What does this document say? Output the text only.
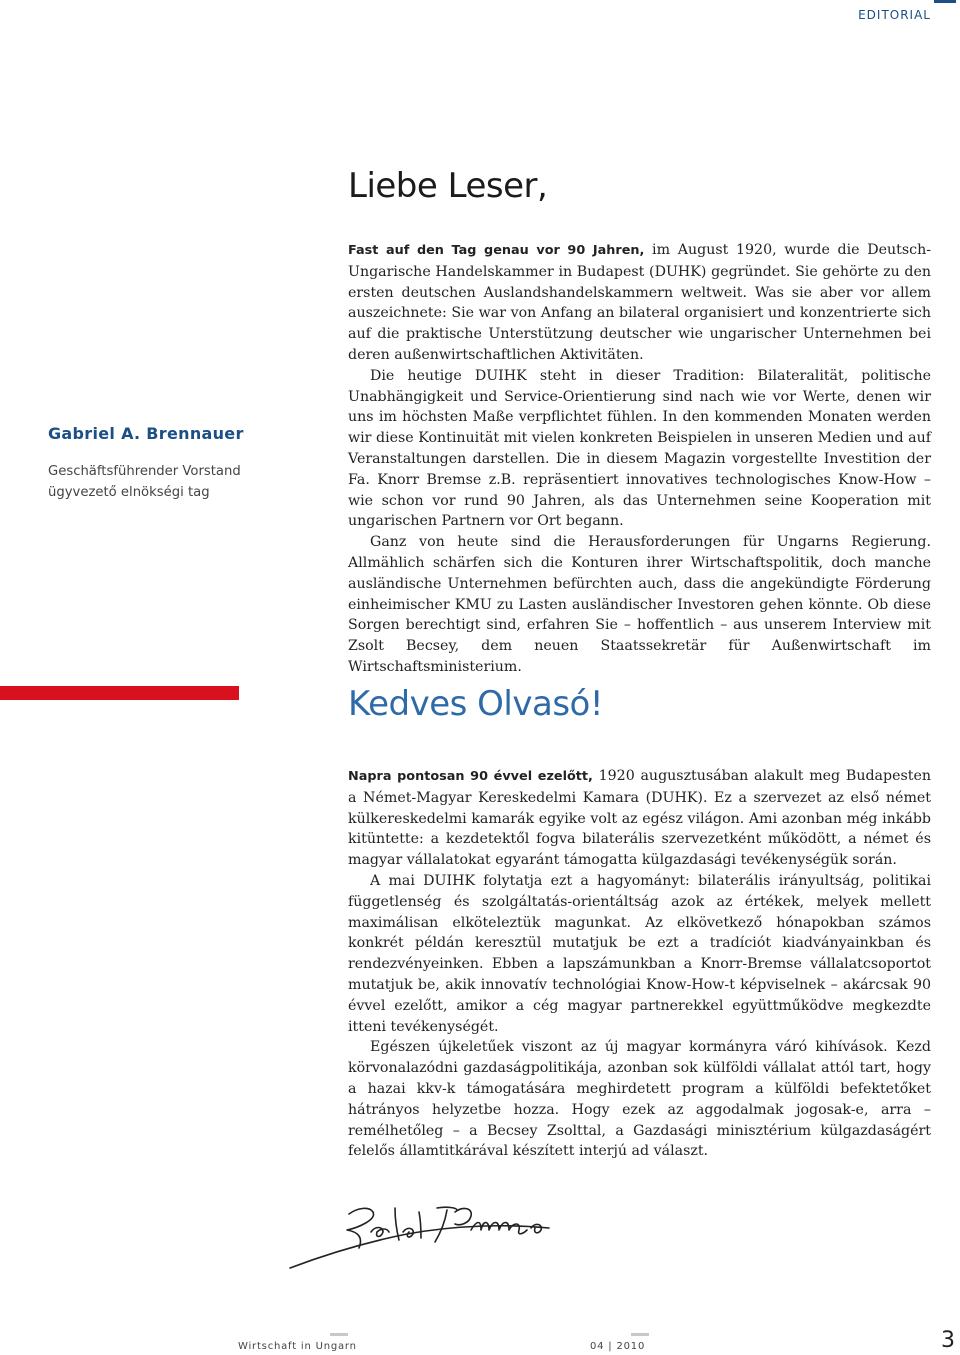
EDITORIAL
Liebe Leser,
Gabriel A. Brennauer
Geschäftsführender Vorstand
ügyvezető elnökségi tag

Fast auf den Tag genau vor 90 Jahren, im August 1920, wurde die Deutsch-Ungarische Handelskammer in Budapest (DUHK) gegründet. Sie gehörte zu den ersten deutschen Auslandshandelskammern weltweit. Was sie aber vor allem auszeichnete: Sie war von Anfang an bilateral organisiert und konzentrierte sich auf die praktische Unterstützung deutscher wie ungarischer Unternehmen bei deren außenwirtschaftlichen Aktivitäten.

Die heutige DUIHK steht in dieser Tradition: Bilateralität, politische Unabhängigkeit und Service-Orientierung sind nach wie vor Werte, denen wir uns im höchsten Maße verpflichtet fühlen. In den kommenden Monaten werden wir diese Kontinuität mit vielen konkreten Beispielen in unseren Medien und auf Veranstaltungen darstellen. Die in diesem Magazin vorgestellte Investition der Fa. Knorr Bremse z.B. repräsentiert innovatives technologisches Know-How – wie schon vor rund 90 Jahren, als das Unternehmen seine Kooperation mit ungarischen Partnern vor Ort begann.

Ganz von heute sind die Herausforderungen für Ungarns Regierung. Allmählich schärfen sich die Konturen ihrer Wirtschaftspolitik, doch manche ausländische Unternehmen befürchten auch, dass die angekündigte Förderung einheimischer KMU zu Lasten ausländischer Investoren gehen könnte. Ob diese Sorgen berechtigt sind, erfahren Sie – hoffentlich – aus unserem Interview mit Zsolt Becsey, dem neuen Staatssekretär für Außenwirtschaft im Wirtschaftsministerium.

Kedves Olvasó!

Napra pontosan 90 évvel ezelőtt, 1920 augusztusában alakult meg Budapesten a Német-Magyar Kereskedelmi Kamara (DUHK). Ez a szervezet az első német külkereskedelmi kamarák egyike volt az egész világon. Ami azonban még inkább kitüntette: a kezdetektől fogva bilaterális szervezetként működött, a német és magyar vállalatokat egyaránt támogatta külgazdasági tevékenységük során.

A mai DUIHK folytatja ezt a hagyományt: bilaterális irányultság, politikai függetlenség és szolgáltatás-orientáltság azok az értékek, melyek mellett maximálisan elköteleztük magunkat. Az elkövetkező hónapokban számos konkrét példán keresztül mutatjuk be ezt a tradíciót kiadványainkban és rendezvényeinken. Ebben a lapszámunkban a Knorr-Bremse vállalatcsoportot mutatjuk be, akik innovatív technológiai Know-How-t képviselnek – akárcsak 90 évvel ezelőtt, amikor a cég magyar partnerekkel együttműködve megkezdte itteni tevékenységét.

Egészen újkeletűek viszont az új magyar kormányra váró kihívások. Kezd körvonalazódni gazdaságpolitikája, azonban sok külföldi vállalat attól tart, hogy a hazai kkv-k támogatására meghirdetett program a külföldi befektetőket hátrányos helyzetbe hozza. Hogy ezek az aggodalmak jogosak-e, arra – remélhetőleg – a Becsey Zsolttal, a Gazdasági minisztérium külgazdaságért felelős államtitkárával készített interjú ad választ.

Wirtschaft in Ungarn	04 | 2010	3
